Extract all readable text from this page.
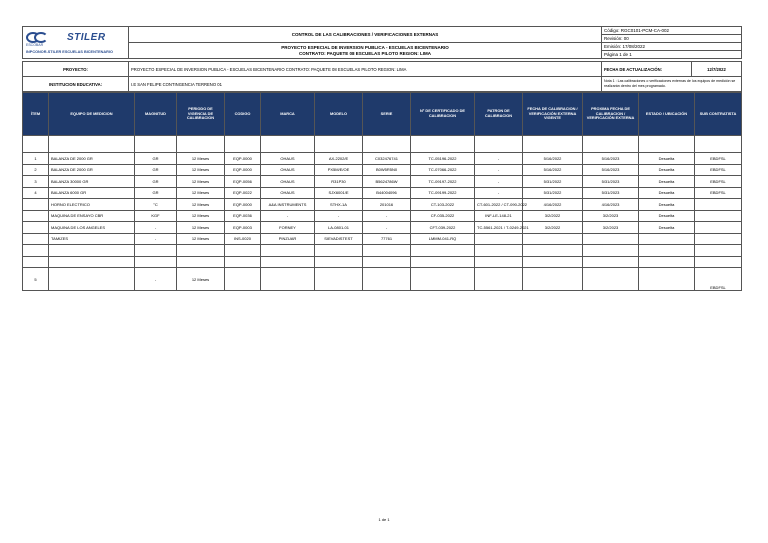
STILER
ESCOBAR
INPCONOR-STILER ESCUELAS BICENTENARIO	CONTROL DE LAS CALIBRACIONES / VERIFICACIONES EXTERNAS	Código: RGC0101-PCM-CA-002
		Revisión: 00

	PROYECTO ESPECIAL DE INVERSION PUBLICA - ESCUELAS BICENTENARIO
CONTRATO: PAQUETE 08 ESCUELAS PILOTO REGION: LIMA	Emisión: 17/08/2022
		Página 1 de 1
PROYECTO:	PROYECTO ESPECIAL DE INVERSION PUBLICA - ESCUELAS BICENTENARIO CONTRATO: PAQUETE 08 ESCUELAS PILOTO REGION: LIMA	FECHA DE ACTUALIZACIÓN:	12/7/2022
INSTITUCION EDUCATIVA:	I.E SAN FELIPE CONTINGENCIA TERRENO 01	Nota 1 : Las calibraciones o verificaciones externas de los equipos de medición se realizarán dentro del mes programado.	
ÍTEM	EQUIPO DE MEDICION	MAGNITUD	PERIODO DE VIGENCIA DE CALIBRACION	CODIGO	MARCA	MODELO	SERIE	N° DE CERTIFICADO DE CALIBRACION	PATRON DE CALIBRACION	FECHA DE CALIBRACION / VERIFICACIÓN EXTERNA VIGENTE	PROXIMA FECHA DE CALIBRACION / VERIFICACIÓN EXTERNA	ESTADO / UBICACIÓN	SUB CONTRATISTA

1	BALANZA DE 2000 GR	GR	12 Meses	EQP-0000	OHAUS	AX-2202/E	C032476741	TC-05196-2022	-	5/16/2022	5/16/2023	Desuelta	EBDFSL
2	BALANZA DE 2000 GR	GR	12 Meses	EQP-0000	OHAUS	PX5M/E/OE	B0W5R5N0	TC-07066-2022	-	5/16/2022	5/16/2023	Desuelta	EBDFSL
3	BALANZA 30000 GR	GR	12 Meses	EQP-0056	OHAUS	R31P30	B5624786W	TC-09197-2022	-	5/31/2022	5/31/2023	Desuelta	EBDFSL
4	BALANZA 6000 GR	GR	12 Meses	EQP-0022	OHAUS	SJX6001/E	B44004096	TC-09199-2022	-	5/31/2022	5/31/2023	Desuelta	EBDFSL
	HORNO ELECTRICO	°C	12 Meses	EQP-0000	A&A INSTRUMENTS	STHX-1A	201016	CT-103-2022	CT-601-2022 / CT-090-2022	4/16/2022	4/16/2023	Desuelta	
	MAQUINA DE ENSAYO CBR	KGF	12 Meses	EQP-0036	-	-	-	CF-035-2022	INF-LE-148-21	3/2/2022	3/2/2023	Desuelta	
	MAQUINA DE LOS ANGELES	-	12 Meses	EQP-0003	FORNEY	LA-0801-01	-	CFT-039-2022	TC-5561-2021 / T-0249-2021	3/2/2022	3/2/2023	Desuelta	
	TAMIZES	-	12 Meses	INS-0020	PINZUAR	SIEVADISTEST	77761	LMMM-041-RQ					

5		-	12 Meses										EBDFSL
1 de 1
